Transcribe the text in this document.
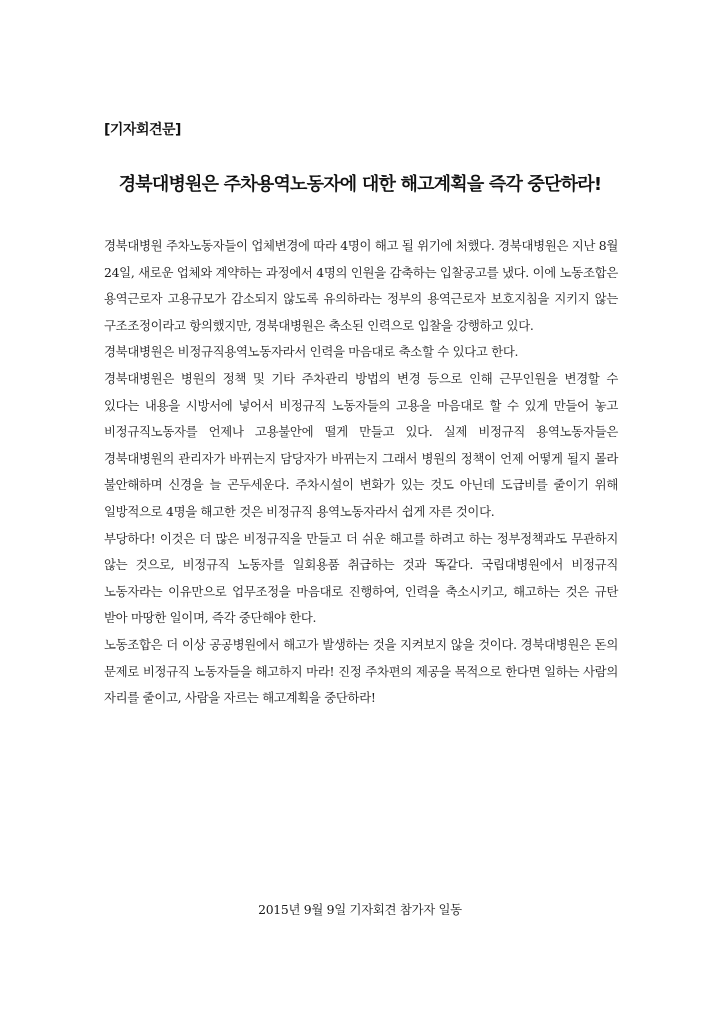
[기자회견문]
경북대병원은 주차용역노동자에 대한 해고계획을 즉각 중단하라!

경북대병원 주차노동자들이 업체변경에 따라 4명이 해고 될 위기에 처했다. 경북대병원은 지난 8월 24일, 새로운 업체와 계약하는 과정에서 4명의 인원을 감축하는 입찰공고를 냈다. 이에 노동조합은 용역근로자 고용규모가 감소되지 않도록 유의하라는 정부의 용역근로자 보호지침을 지키지 않는 구조조정이라고 항의했지만, 경북대병원은 축소된 인력으로 입찰을 강행하고 있다.

경북대병원은 비정규직용역노동자라서 인력을 마음대로 축소할 수 있다고 한다.

경북대병원은 병원의 정책 및 기타 주차관리 방법의 변경 등으로 인해 근무인원을 변경할 수 있다는 내용을 시방서에 넣어서 비정규직 노동자들의 고용을 마음대로 할 수 있게 만들어 놓고 비정규직노동자를 언제나 고용불안에 떨게 만들고 있다. 실제 비정규직 용역노동자들은 경북대병원의 관리자가 바뀌는지 담당자가 바뀌는지 그래서 병원의 정책이 언제 어떻게 될지 몰라 불안해하며 신경을 늘 곤두세운다. 주차시설이 변화가 있는 것도 아닌데 도급비를 줄이기 위해 일방적으로 4명을 해고한 것은 비정규직 용역노동자라서 쉽게 자른 것이다.

부당하다! 이것은 더 많은 비정규직을 만들고 더 쉬운 해고를 하려고 하는 정부정책과도 무관하지 않는 것으로, 비정규직 노동자를 일회용품 취급하는 것과 똑같다. 국립대병원에서 비정규직 노동자라는 이유만으로 업무조정을 마음대로 진행하여, 인력을 축소시키고, 해고하는 것은 규탄 받아 마땅한 일이며, 즉각 중단해야 한다.

노동조합은 더 이상 공공병원에서 해고가 발생하는 것을 지켜보지 않을 것이다. 경북대병원은 돈의 문제로 비정규직 노동자들을 해고하지 마라! 진정 주차편의 제공을 목적으로 한다면 일하는 사람의 자리를 줄이고, 사람을 자르는 해고계획을 중단하라!

2015년 9월 9일 기자회견 참가자 일동
